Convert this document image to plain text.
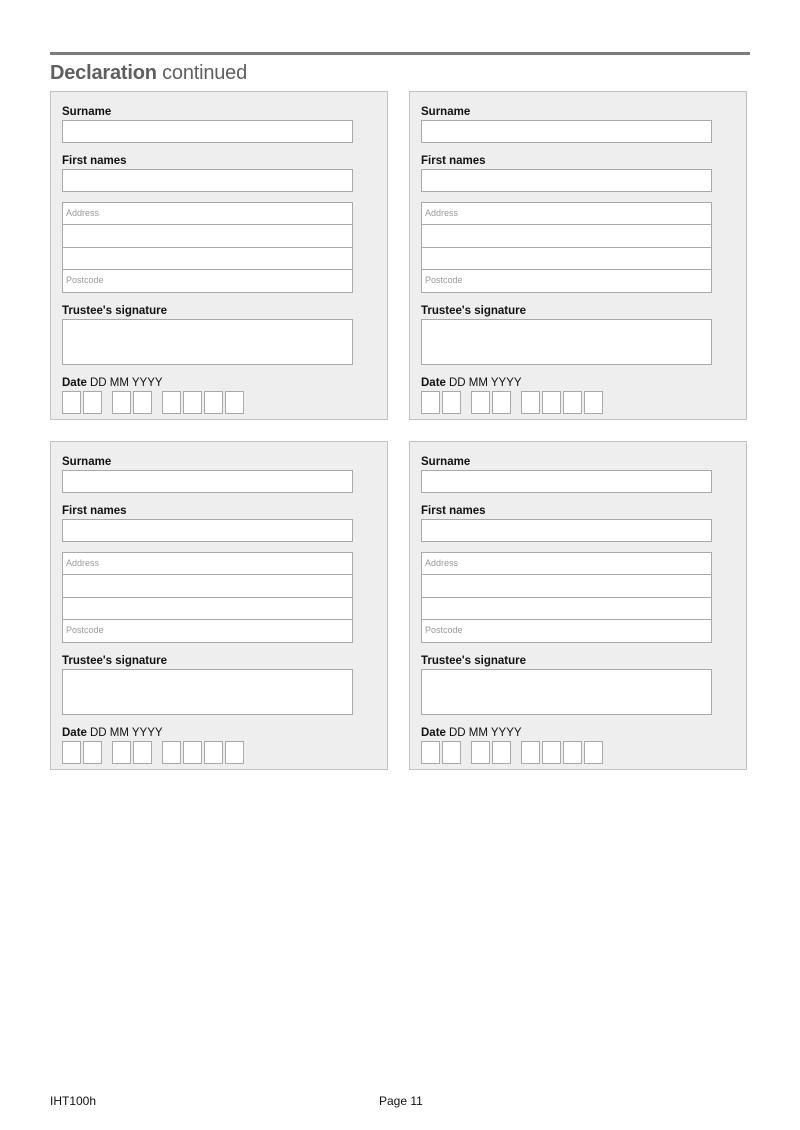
Declaration continued
Surname
First names
Address
Postcode
Trustee's signature
Date DD MM YYYY
Surname
First names
Address
Postcode
Trustee's signature
Date DD MM YYYY
Surname
First names
Address
Postcode
Trustee's signature
Date DD MM YYYY
Surname
First names
Address
Postcode
Trustee's signature
Date DD MM YYYY
IHT100h	Page 11
